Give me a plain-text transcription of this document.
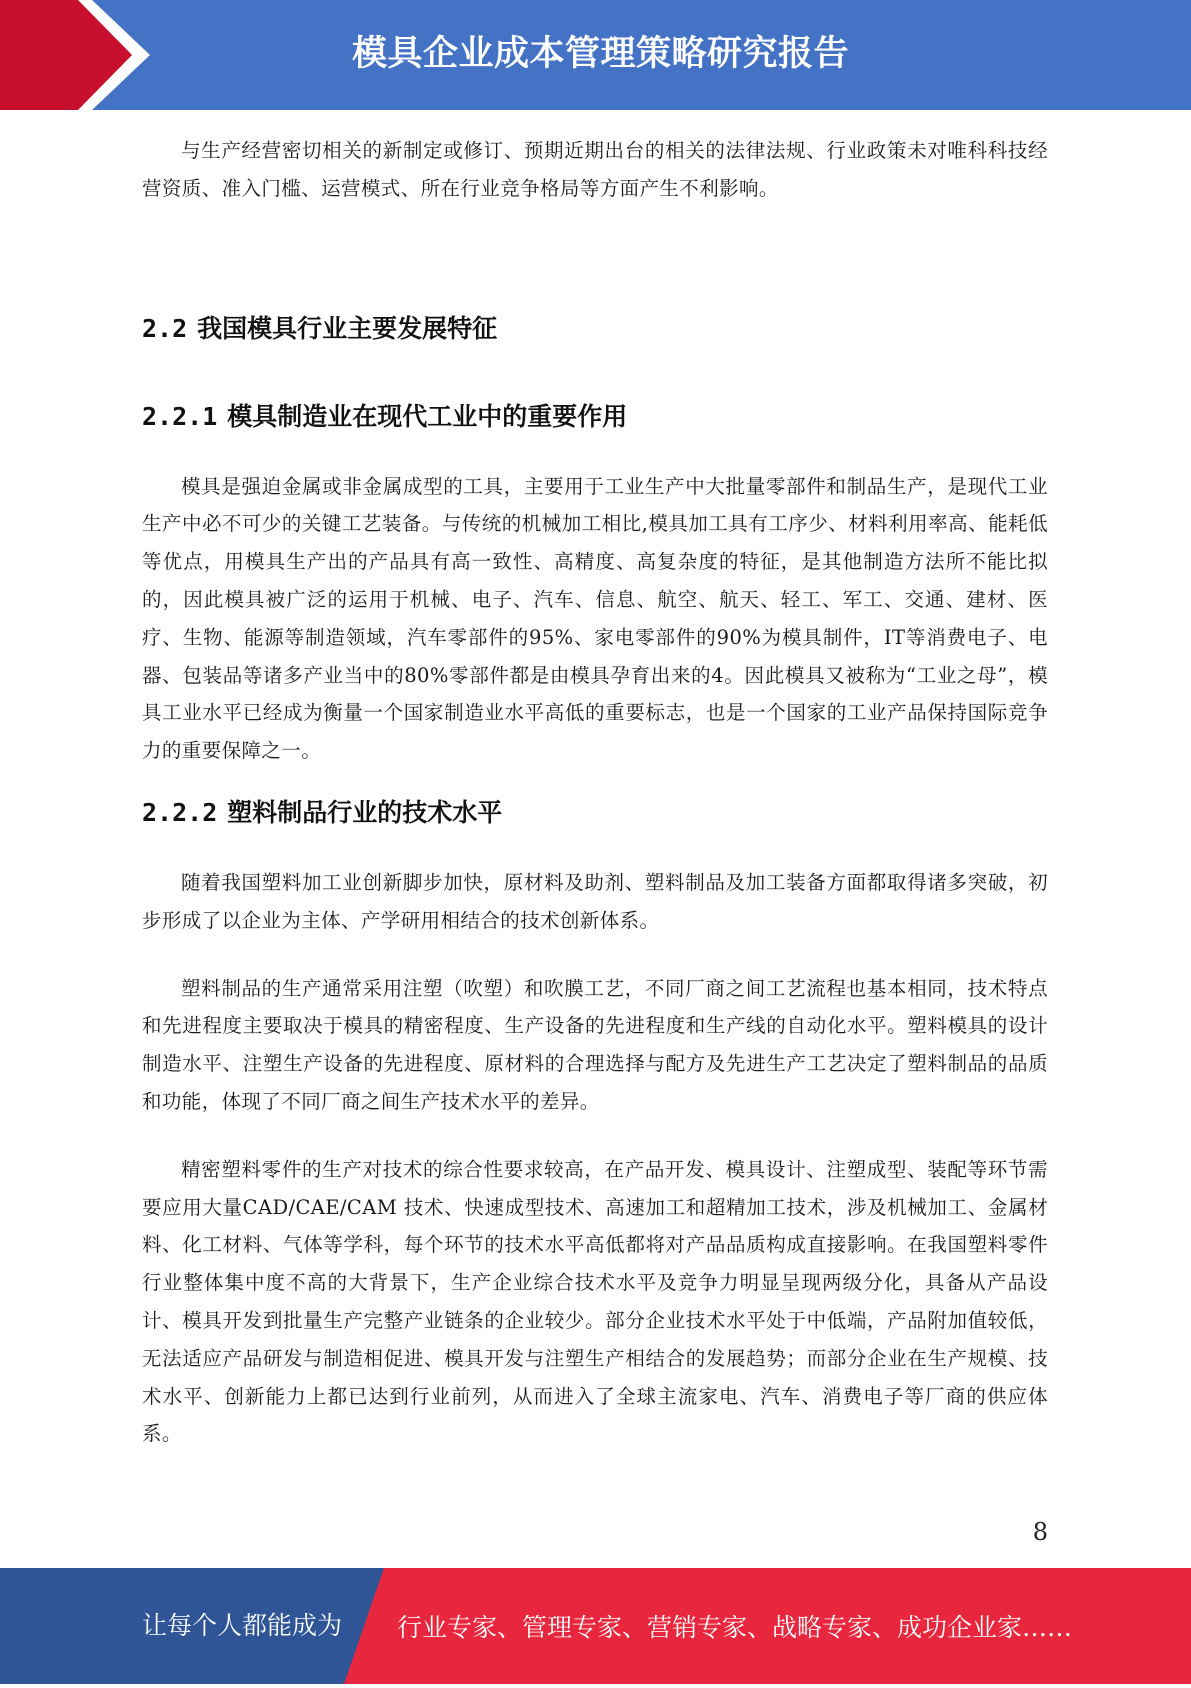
模具企业成本管理策略研究报告

与生产经营密切相关的新制定或修订、预期近期出台的相关的法律法规、行业政策未对唯科科技经营资质、准入门槛、运营模式、所在行业竞争格局等方面产生不利影响。

2.2 我国模具行业主要发展特征
2.2.1 模具制造业在现代工业中的重要作用

模具是强迫金属或非金属成型的工具，主要用于工业生产中大批量零部件和制品生产，是现代工业生产中必不可少的关键工艺装备。与传统的机械加工相比,模具加工具有工序少、材料利用率高、能耗低等优点，用模具生产出的产品具有高一致性、高精度、高复杂度的特征，是其他制造方法所不能比拟的，因此模具被广泛的运用于机械、电子、汽车、信息、航空、航天、轻工、军工、交通、建材、医疗、生物、能源等制造领域，汽车零部件的95%、家电零部件的90%为模具制件，IT等消费电子、电器、包装品等诸多产业当中的80%零部件都是由模具孕育出来的4。因此模具又被称为“工业之母”，模具工业水平已经成为衡量一个国家制造业水平高低的重要标志，也是一个国家的工业产品保持国际竞争力的重要保障之一。

2.2.2 塑料制品行业的技术水平

随着我国塑料加工业创新脚步加快，原材料及助剂、塑料制品及加工装备方面都取得诸多突破，初步形成了以企业为主体、产学研用相结合的技术创新体系。

塑料制品的生产通常采用注塑（吹塑）和吹膜工艺，不同厂商之间工艺流程也基本相同，技术特点和先进程度主要取决于模具的精密程度、生产设备的先进程度和生产线的自动化水平。塑料模具的设计制造水平、注塑生产设备的先进程度、原材料的合理选择与配方及先进生产工艺决定了塑料制品的品质和功能，体现了不同厂商之间生产技术水平的差异。

精密塑料零件的生产对技术的综合性要求较高，在产品开发、模具设计、注塑成型、装配等环节需要应用大量CAD/CAE/CAM 技术、快速成型技术、高速加工和超精加工技术，涉及机械加工、金属材料、化工材料、气体等学科，每个环节的技术水平高低都将对产品品质构成直接影响。在我国塑料零件行业整体集中度不高的大背景下，生产企业综合技术水平及竞争力明显呈现两级分化，具备从产品设计、模具开发到批量生产完整产业链条的企业较少。部分企业技术水平处于中低端，产品附加值较低，无法适应产品研发与制造相促进、模具开发与注塑生产相结合的发展趋势；而部分企业在生产规模、技术水平、创新能力上都已达到行业前列，从而进入了全球主流家电、汽车、消费电子等厂商的供应体系。

8
让每个人都能成为 行业专家、管理专家、营销专家、战略专家、成功企业家……
